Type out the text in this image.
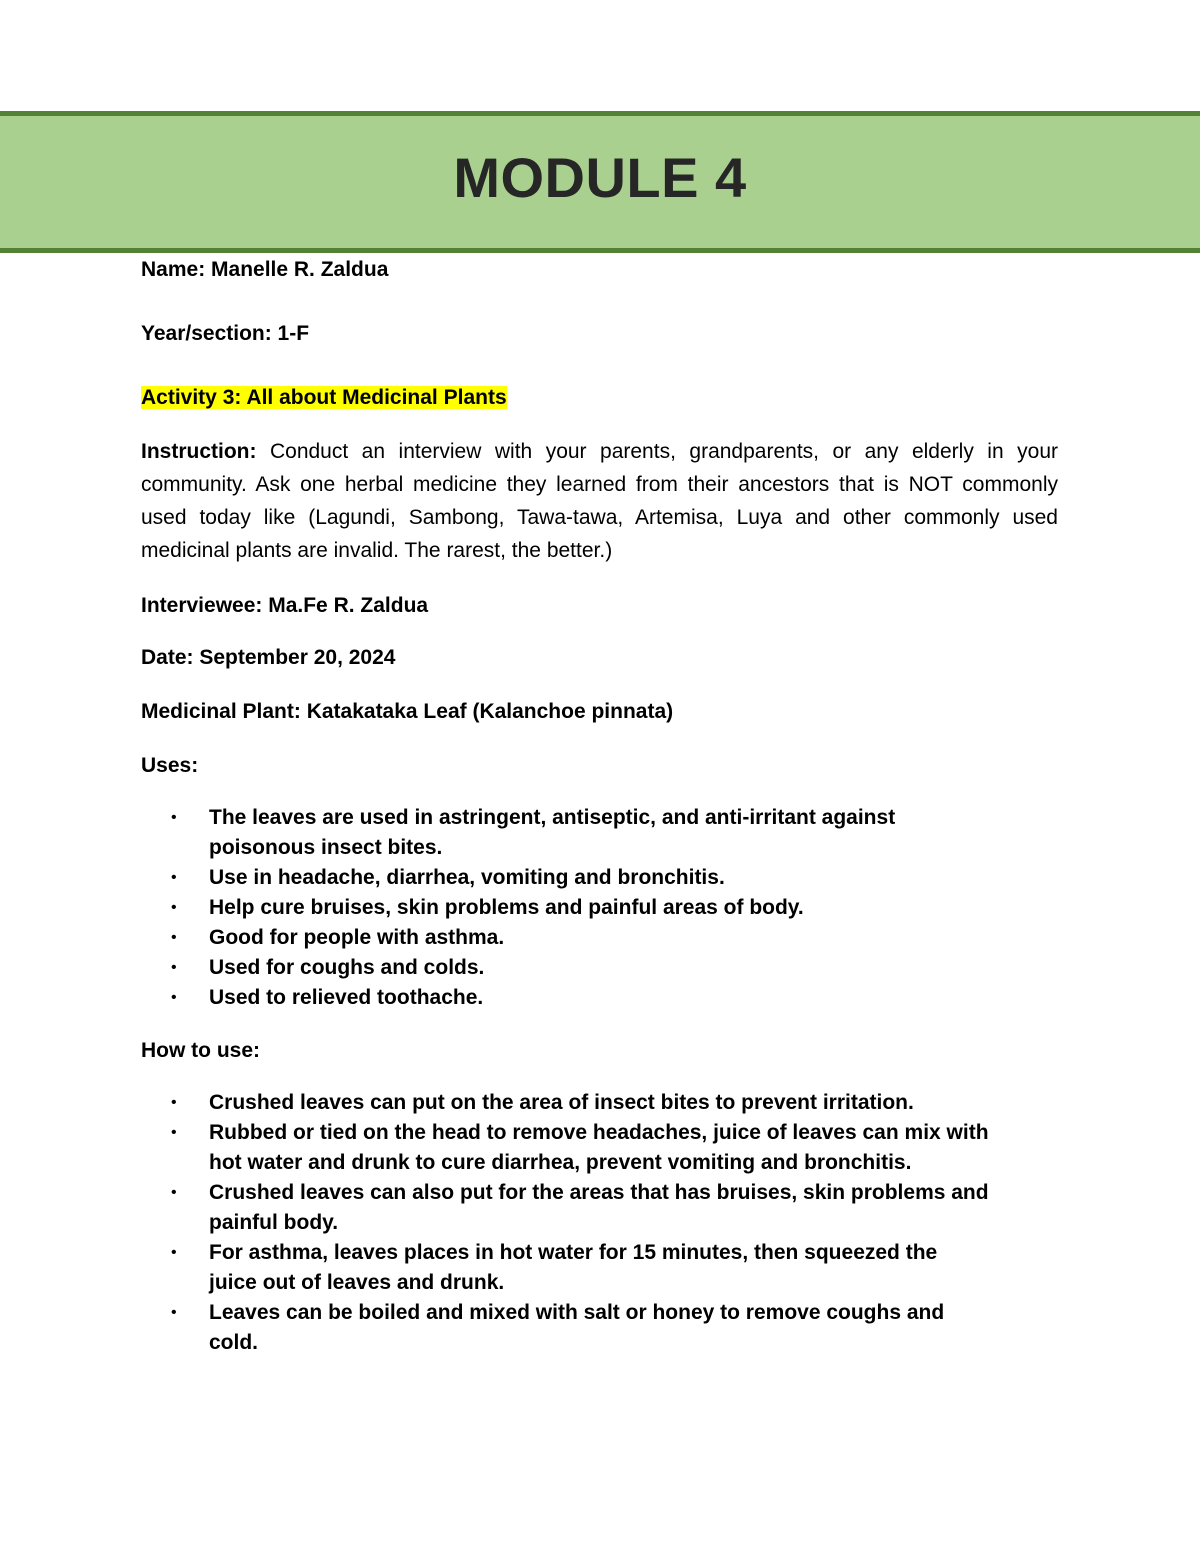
MODULE 4
Name: Manelle R. Zaldua
Year/section: 1-F
Activity 3: All about Medicinal Plants
Instruction: Conduct an interview with your parents, grandparents, or any elderly in your community. Ask one herbal medicine they learned from their ancestors that is NOT commonly used today like (Lagundi, Sambong, Tawa-tawa, Artemisa, Luya and other commonly used medicinal plants are invalid. The rarest, the better.)
Interviewee: Ma.Fe R. Zaldua
Date: September 20, 2024
Medicinal Plant: Katakataka Leaf (Kalanchoe pinnata)
Uses:
• The leaves are used in astringent, antiseptic, and anti-irritant against poisonous insect bites.
• Use in headache, diarrhea, vomiting and bronchitis.
• Help cure bruises, skin problems and painful areas of body.
• Good for people with asthma.
• Used for coughs and colds.
• Used to relieved toothache.
How to use:
• Crushed leaves can put on the area of insect bites to prevent irritation.
• Rubbed or tied on the head to remove headaches, juice of leaves can mix with hot water and drunk to cure diarrhea, prevent vomiting and bronchitis.
• Crushed leaves can also put for the areas that has bruises, skin problems and painful body.
• For asthma, leaves places in hot water for 15 minutes, then squeezed the juice out of leaves and drunk.
• Leaves can be boiled and mixed with salt or honey to remove coughs and cold.
